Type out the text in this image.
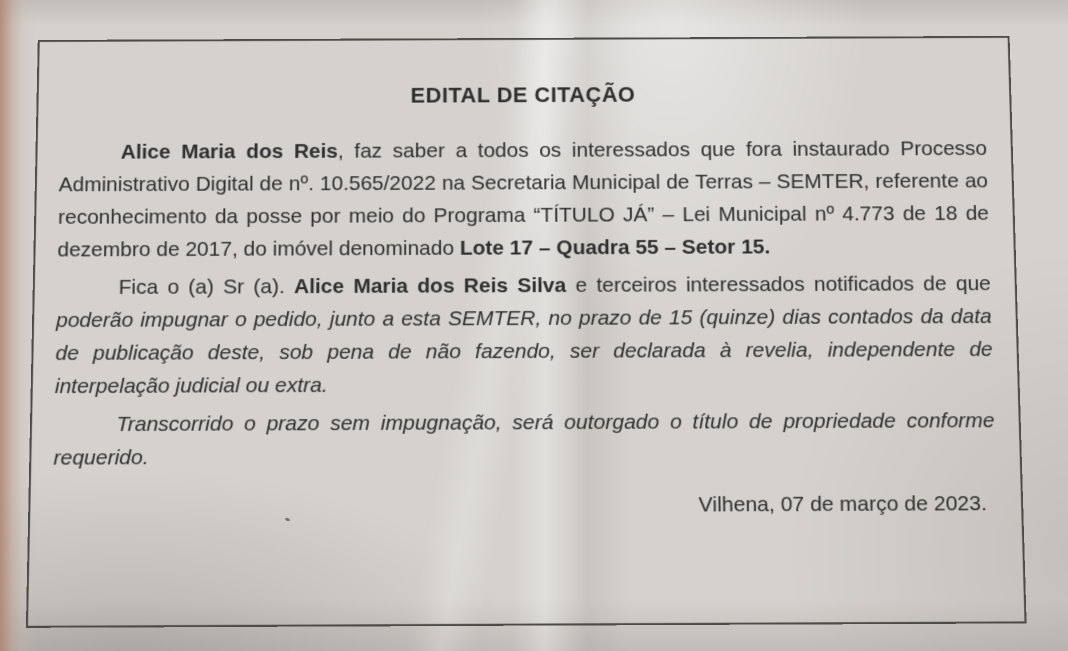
EDITAL DE CITAÇÃO

Alice Maria dos Reis, faz saber a todos os interessados que fora instaurado Processo Administrativo Digital de nº. 10.565/2022 na Secretaria Municipal de Terras – SEMTER, referente ao reconhecimento da posse por meio do Programa “TÍTULO JÁ” – Lei Municipal nº 4.773 de 18 de dezembro de 2017, do imóvel denominado Lote 17 – Quadra 55 – Setor 15.

Fica o (a) Sr (a). Alice Maria dos Reis Silva e terceiros interessados notificados de que poderão impugnar o pedido, junto a esta SEMTER, no prazo de 15 (quinze) dias contados da data de publicação deste, sob pena de não fazendo, ser declarada à revelia, independente de interpelação judicial ou extra.

Transcorrido o prazo sem impugnação, será outorgado o título de propriedade conforme requerido.

Vilhena, 07 de março de 2023.
